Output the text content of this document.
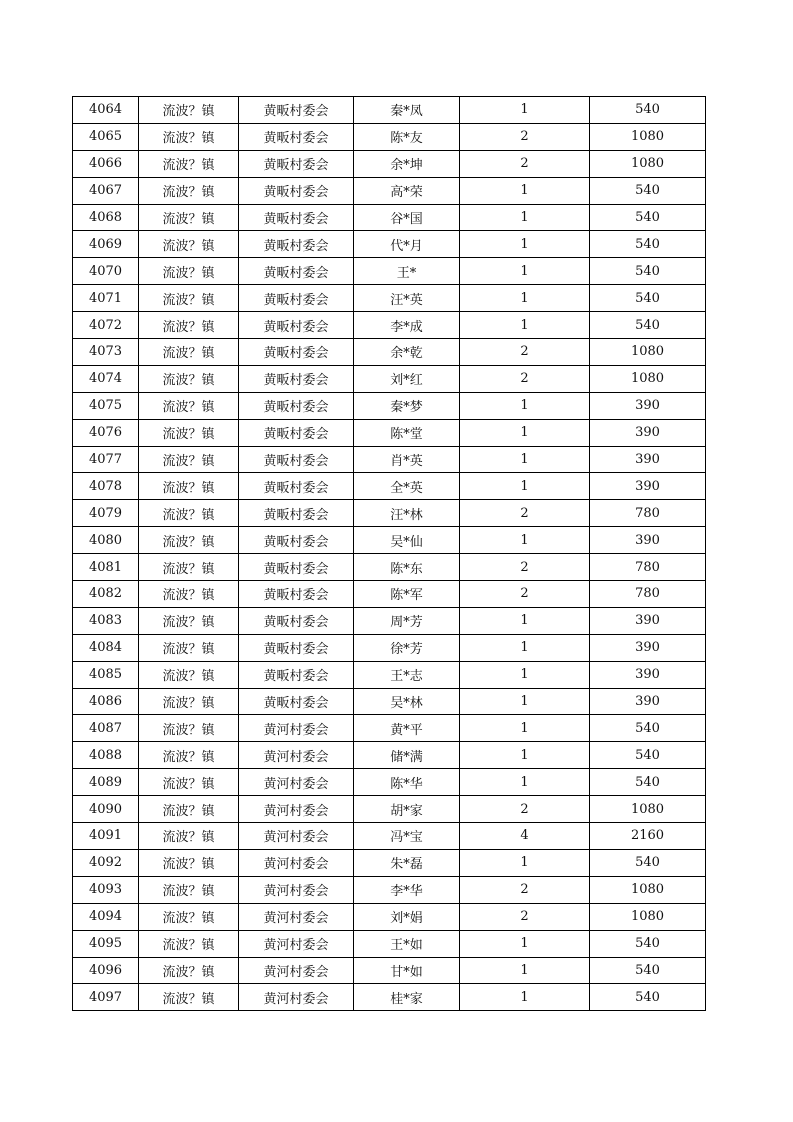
4064	流波？镇	黄畈村委会	秦*凤	1	540
4065	流波？镇	黄畈村委会	陈*友	2	1080
4066	流波？镇	黄畈村委会	余*坤	2	1080
4067	流波？镇	黄畈村委会	高*荣	1	540
4068	流波？镇	黄畈村委会	谷*国	1	540
4069	流波？镇	黄畈村委会	代*月	1	540
4070	流波？镇	黄畈村委会	王*	1	540
4071	流波？镇	黄畈村委会	汪*英	1	540
4072	流波？镇	黄畈村委会	李*成	1	540
4073	流波？镇	黄畈村委会	余*乾	2	1080
4074	流波？镇	黄畈村委会	刘*红	2	1080
4075	流波？镇	黄畈村委会	秦*梦	1	390
4076	流波？镇	黄畈村委会	陈*堂	1	390
4077	流波？镇	黄畈村委会	肖*英	1	390
4078	流波？镇	黄畈村委会	全*英	1	390
4079	流波？镇	黄畈村委会	汪*林	2	780
4080	流波？镇	黄畈村委会	吴*仙	1	390
4081	流波？镇	黄畈村委会	陈*东	2	780
4082	流波？镇	黄畈村委会	陈*军	2	780
4083	流波？镇	黄畈村委会	周*芳	1	390
4084	流波？镇	黄畈村委会	徐*芳	1	390
4085	流波？镇	黄畈村委会	王*志	1	390
4086	流波？镇	黄畈村委会	吴*林	1	390
4087	流波？镇	黄河村委会	黄*平	1	540
4088	流波？镇	黄河村委会	储*满	1	540
4089	流波？镇	黄河村委会	陈*华	1	540
4090	流波？镇	黄河村委会	胡*家	2	1080
4091	流波？镇	黄河村委会	冯*宝	4	2160
4092	流波？镇	黄河村委会	朱*磊	1	540
4093	流波？镇	黄河村委会	李*华	2	1080
4094	流波？镇	黄河村委会	刘*娟	2	1080
4095	流波？镇	黄河村委会	王*如	1	540
4096	流波？镇	黄河村委会	甘*如	1	540
4097	流波？镇	黄河村委会	桂*家	1	540
